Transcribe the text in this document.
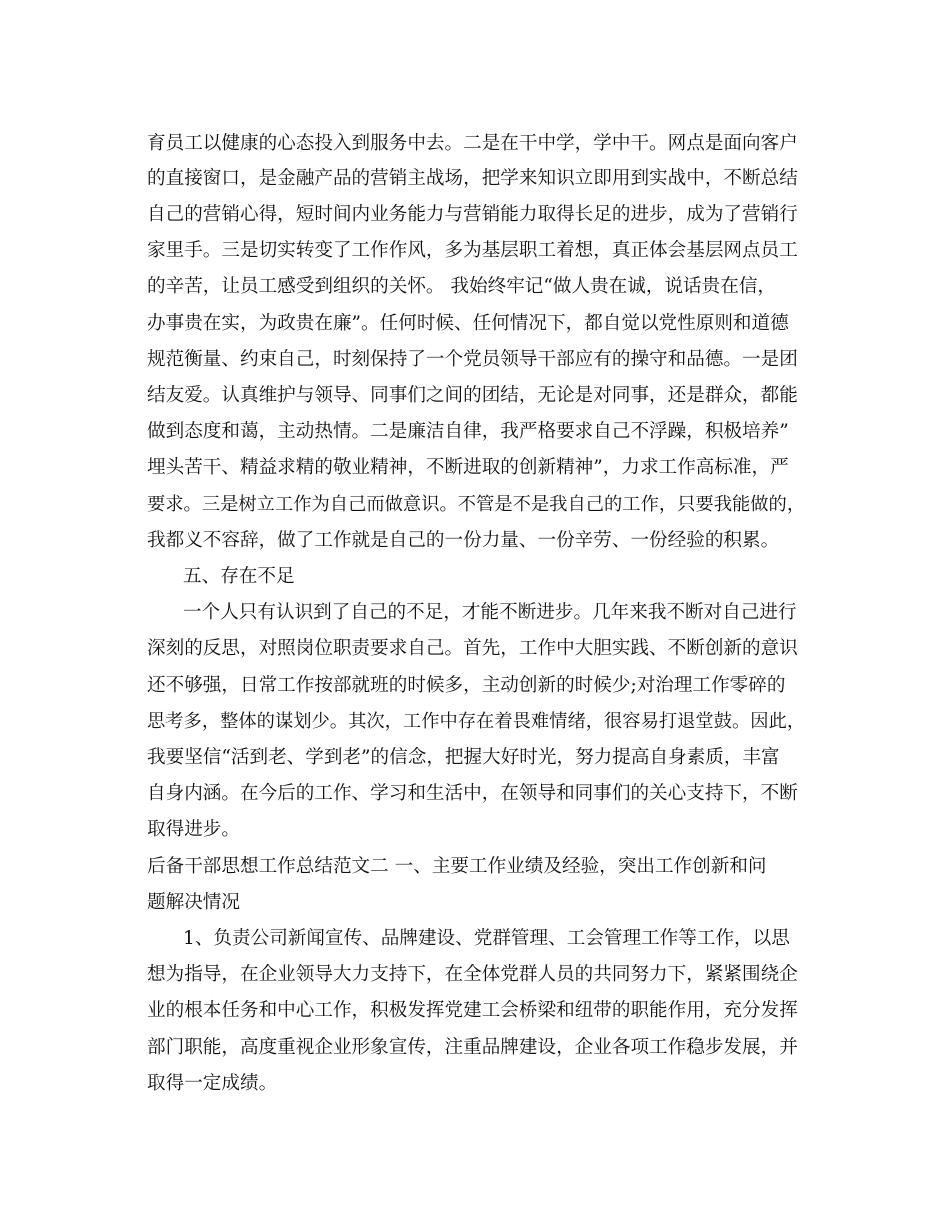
育员工以健康的心态投入到服务中去。二是在干中学，学中干。网点是面向客户

的直接窗口，是金融产品的营销主战场，把学来知识立即用到实战中，不断总结

自己的营销心得，短时间内业务能力与营销能力取得长足的进步，成为了营销行

家里手。三是切实转变了工作作风，多为基层职工着想，真正体会基层网点员工

的辛苦，让员工感受到组织的关怀。 我始终牢记“做人贵在诚，说话贵在信，

办事贵在实，为政贵在廉”。任何时候、任何情况下，都自觉以党性原则和道德

规范衡量、约束自己，时刻保持了一个党员领导干部应有的操守和品德。一是团

结友爱。认真维护与领导、同事们之间的团结，无论是对同事，还是群众，都能

做到态度和蔼，主动热情。二是廉洁自律，我严格要求自己不浮躁，积极培养”

埋头苦干、精益求精的敬业精神，不断进取的创新精神”，力求工作高标准，严

要求。三是树立工作为自己而做意识。不管是不是我自己的工作，只要我能做的，

我都义不容辞，做了工作就是自己的一份力量、一份辛劳、一份经验的积累。

五、存在不足

一个人只有认识到了自己的不足，才能不断进步。几年来我不断对自己进行

深刻的反思，对照岗位职责要求自己。首先，工作中大胆实践、不断创新的意识

还不够强，日常工作按部就班的时候多，主动创新的时候少;对治理工作零碎的

思考多，整体的谋划少。其次，工作中存在着畏难情绪，很容易打退堂鼓。因此，

我要坚信“活到老、学到老”的信念，把握大好时光，努力提高自身素质，丰富

自身内涵。在今后的工作、学习和生活中，在领导和同事们的关心支持下，不断

取得进步。

后备干部思想工作总结范文二 一、主要工作业绩及经验，突出工作创新和问

题解决情况

1、负责公司新闻宣传、品牌建设、党群管理、工会管理工作等工作，以思

想为指导，在企业领导大力支持下，在全体党群人员的共同努力下，紧紧围绕企

业的根本任务和中心工作，积极发挥党建工会桥梁和纽带的职能作用，充分发挥

部门职能，高度重视企业形象宣传，注重品牌建设，企业各项工作稳步发展，并

取得一定成绩。
